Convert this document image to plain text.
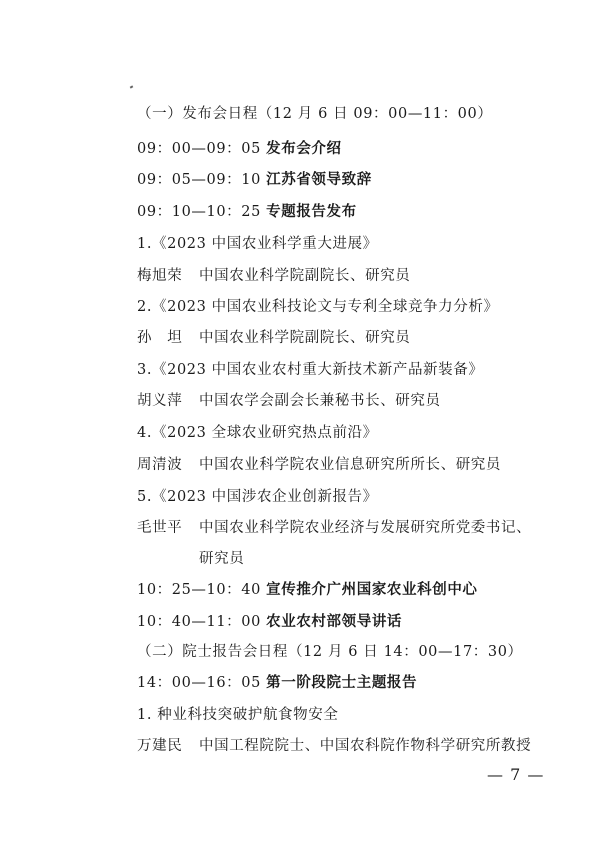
（一）发布会日程（12 月 6 日 09：00—11：00）
09：00—09：05 发布会介绍
09：05—09：10 江苏省领导致辞
09：10—10：25 专题报告发布
1.《2023 中国农业科学重大进展》
梅旭荣 中国农业科学院副院长、研究员
2.《2023 中国农业科技论文与专利全球竞争力分析》
孙　坦 中国农业科学院副院长、研究员
3.《2023 中国农业农村重大新技术新产品新装备》
胡义萍 中国农学会副会长兼秘书长、研究员
4.《2023 全球农业研究热点前沿》
周清波 中国农业科学院农业信息研究所所长、研究员
5.《2023 中国涉农企业创新报告》
毛世平 中国农业科学院农业经济与发展研究所党委书记、
研究员
10：25—10：40 宣传推介广州国家农业科创中心
10：40—11：00 农业农村部领导讲话
（二）院士报告会日程（12 月 6 日 14：00—17：30）
14：00—16：05 第一阶段院士主题报告
1. 种业科技突破护航食物安全
万建民 中国工程院院士、中国农科院作物科学研究所教授
— 7 —
